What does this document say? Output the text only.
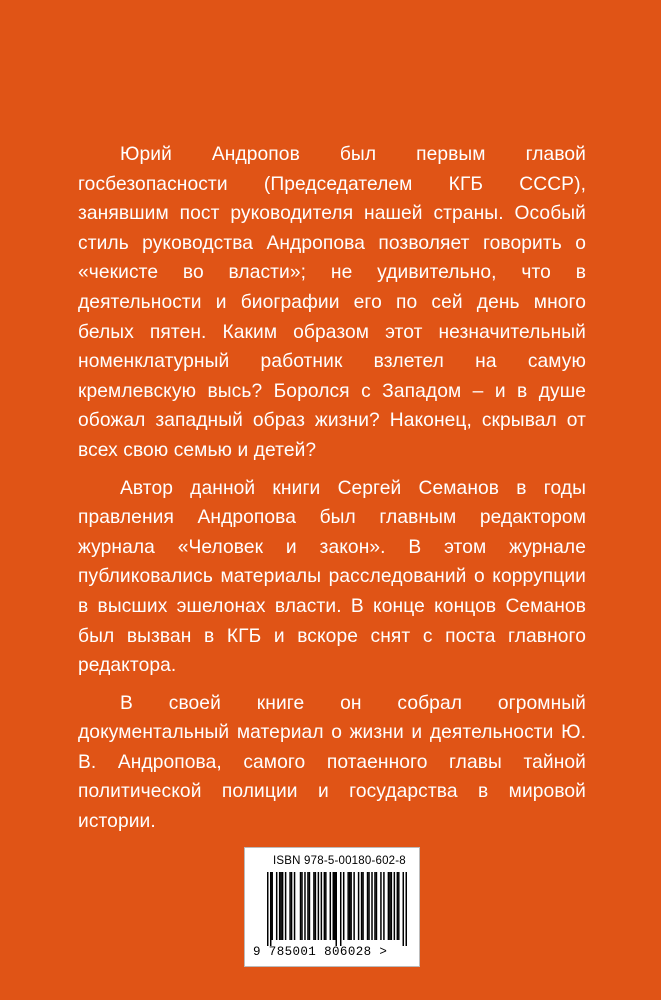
Юрий Андропов был первым главой госбезопасности (Председателем КГБ СССР), занявшим пост руководителя нашей страны. Особый стиль руководства Андропова позволяет говорить о «чекисте во власти»; не удивительно, что в деятельности и биографии его по сей день много белых пятен. Каким образом этот незначительный номенклатурный работник взлетел на самую кремлевскую высь? Боролся с Западом – и в душе обожал западный образ жизни? Наконец, скрывал от всех свою семью и детей?

Автор данной книги Сергей Семанов в годы правления Андропова был главным редактором журнала «Человек и закон». В этом журнале публиковались материалы расследований о коррупции в высших эшелонах власти. В конце концов Семанов был вызван в КГБ и вскоре снят с поста главного редактора.

В своей книге он собрал огромный документальный материал о жизни и деятельности Ю. В. Андропова, самого потаенного главы тайной политической полиции и государства в мировой истории.

ISBN 978-5-00180-602-8
9 785001 806028 >
